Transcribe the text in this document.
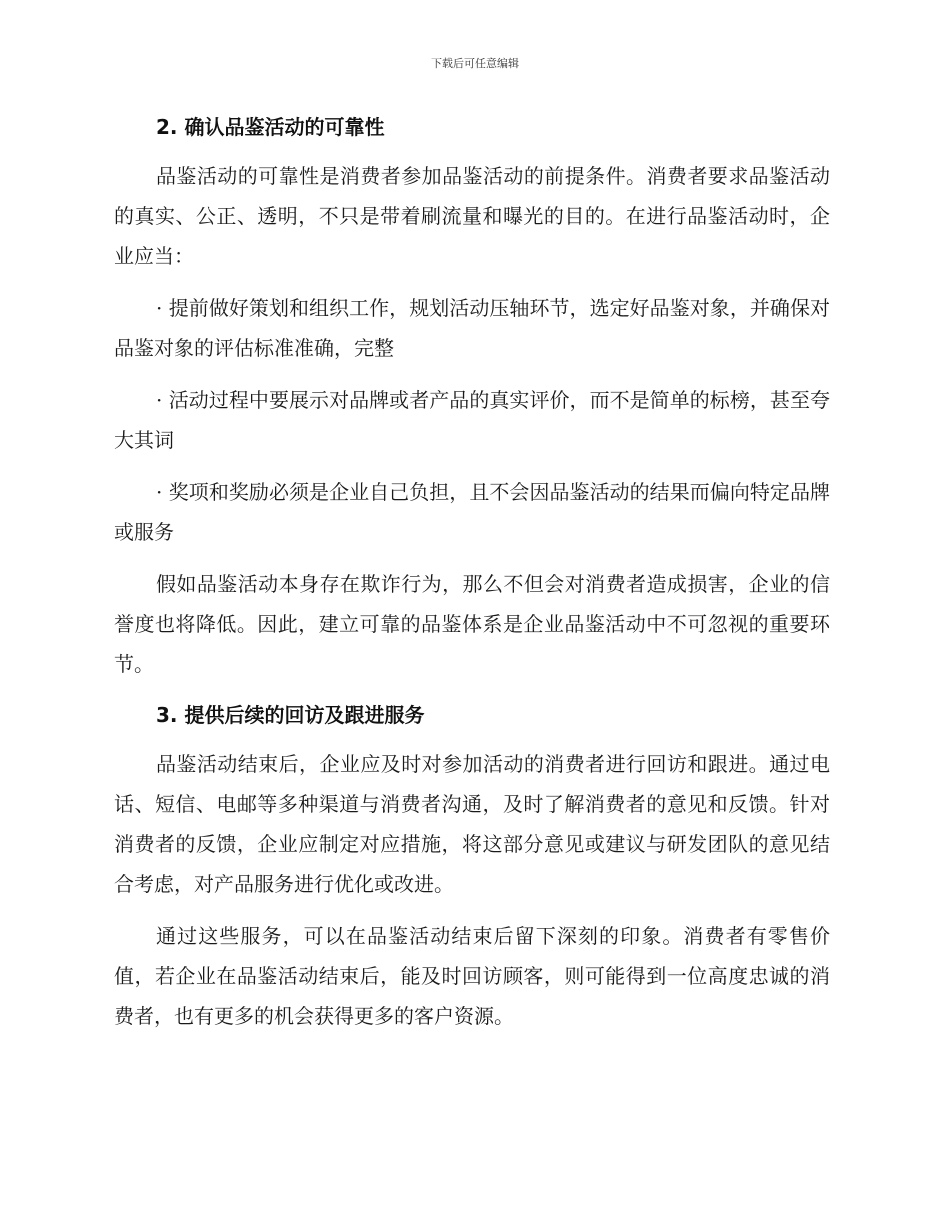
下载后可任意编辑
2. 确认品鉴活动的可靠性

品鉴活动的可靠性是消费者参加品鉴活动的前提条件。消费者要求品鉴活动的真实、公正、透明，不只是带着刷流量和曝光的目的。在进行品鉴活动时，企业应当：

· 提前做好策划和组织工作，规划活动压轴环节，选定好品鉴对象，并确保对品鉴对象的评估标准准确，完整

· 活动过程中要展示对品牌或者产品的真实评价，而不是简单的标榜，甚至夸大其词

· 奖项和奖励必须是企业自己负担，且不会因品鉴活动的结果而偏向特定品牌或服务

假如品鉴活动本身存在欺诈行为，那么不但会对消费者造成损害，企业的信誉度也将降低。因此，建立可靠的品鉴体系是企业品鉴活动中不可忽视的重要环节。

3. 提供后续的回访及跟进服务

品鉴活动结束后，企业应及时对参加活动的消费者进行回访和跟进。通过电话、短信、电邮等多种渠道与消费者沟通，及时了解消费者的意见和反馈。针对消费者的反馈，企业应制定对应措施，将这部分意见或建议与研发团队的意见结合考虑，对产品服务进行优化或改进。

通过这些服务，可以在品鉴活动结束后留下深刻的印象。消费者有零售价值，若企业在品鉴活动结束后，能及时回访顾客，则可能得到一位高度忠诚的消费者，也有更多的机会获得更多的客户资源。
